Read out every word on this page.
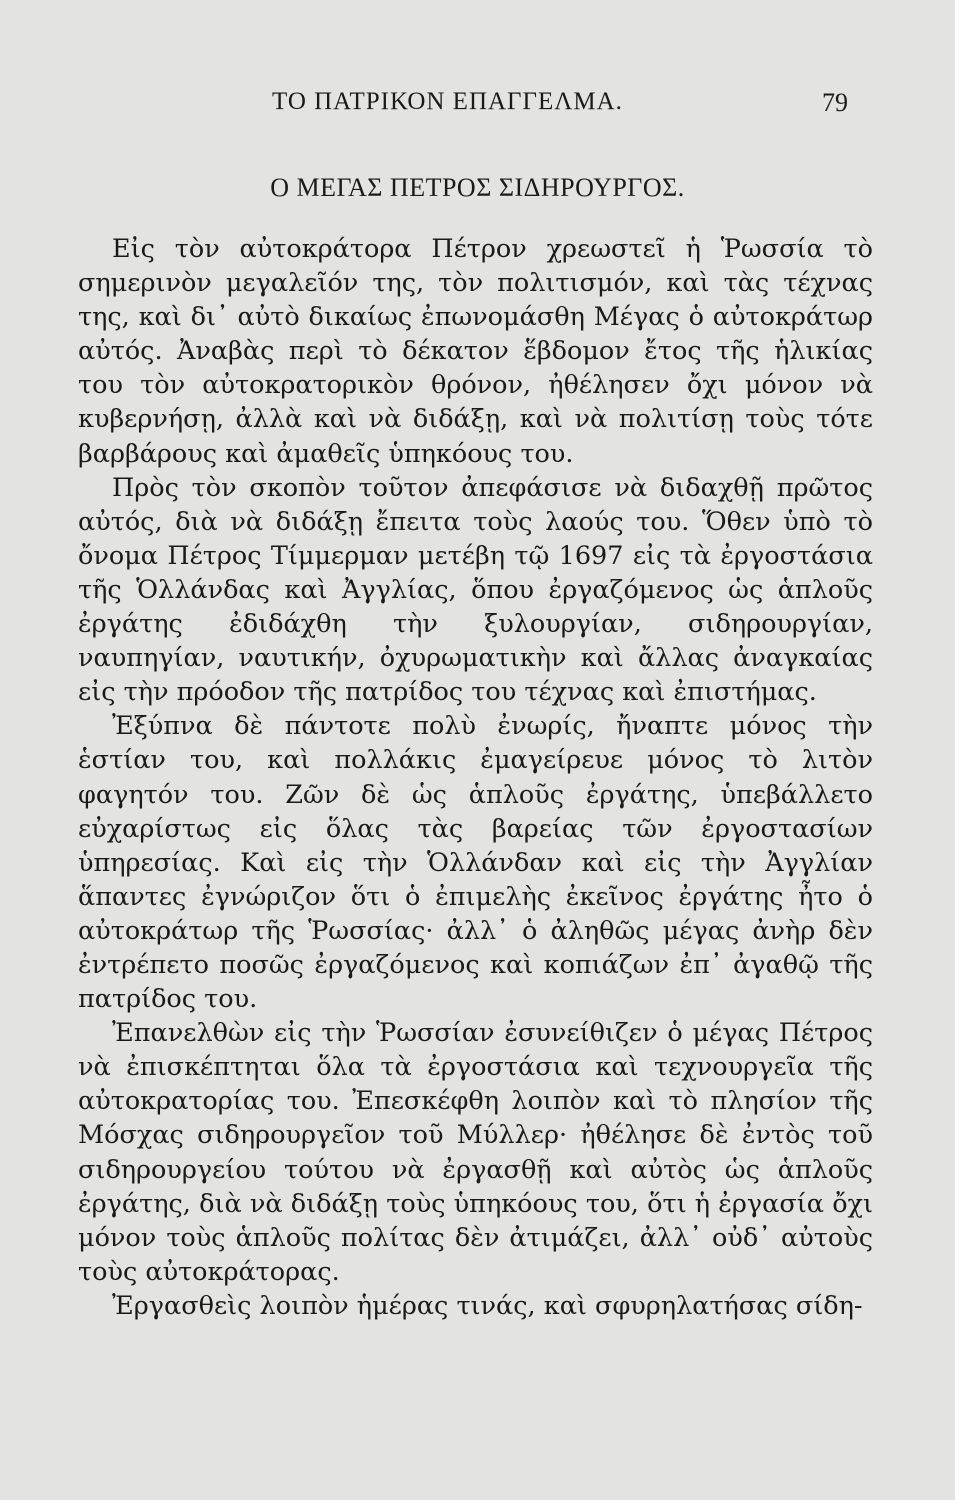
ΤΟ ΠΑΤΡΙΚΟΝ ΕΠΑΓΓΕΛΜΑ.	79
Ο ΜΕΓΑΣ ΠΕΤΡΟΣ ΣΙΔΗΡΟΥΡΓΟΣ.

Εἰς τὸν αὐτοκράτορα Πέτρον χρεωστεῖ ἡ Ῥωσσία τὸ σημερινὸν μεγαλεῖόν της, τὸν πολιτισμόν, καὶ τὰς τέχνας της, καὶ δι᾽ αὐτὸ δικαίως ἐπωνομάσθη Μέγας ὁ αὐτοκράτωρ αὐτός. Ἀναβὰς περὶ τὸ δέκατον ἕβδομον ἔτος τῆς ἡλικίας του τὸν αὐτοκρατορικὸν θρόνον, ἠθέλησεν ὄχι μόνον νὰ κυβερνήσῃ, ἀλλὰ καὶ νὰ διδάξῃ, καὶ νὰ πολιτίσῃ τοὺς τότε βαρβάρους καὶ ἀμαθεῖς ὑπηκόους του.

Πρὸς τὸν σκοπὸν τοῦτον ἀπεφάσισε νὰ διδαχθῇ πρῶτος αὐτός, διὰ νὰ διδάξῃ ἔπειτα τοὺς λαούς του. Ὅθεν ὑπὸ τὸ ὄνομα Πέτρος Τίμμερμαν μετέβη τῷ 1697 εἰς τὰ ἐργοστάσια τῆς Ὁλλάνδας καὶ Ἀγγλίας, ὅπου ἐργαζόμενος ὡς ἁπλοῦς ἐργάτης ἐδιδάχθη τὴν ξυλουργίαν, σιδηρουργίαν, ναυπηγίαν, ναυτικήν, ὀχυρωματικὴν καὶ ἄλλας ἀναγκαίας εἰς τὴν πρόοδον τῆς πατρίδος του τέχνας καὶ ἐπιστήμας.

Ἐξύπνα δὲ πάντοτε πολὺ ἐνωρίς, ἤναπτε μόνος τὴν ἑστίαν του, καὶ πολλάκις ἐμαγείρευε μόνος τὸ λιτὸν φαγητόν του. Ζῶν δὲ ὡς ἁπλοῦς ἐργάτης, ὑπεβάλλετο εὐχαρίστως εἰς ὅλας τὰς βαρείας τῶν ἐργοστασίων ὑπηρεσίας. Καὶ εἰς τὴν Ὁλλάνδαν καὶ εἰς τὴν Ἀγγλίαν ἅπαντες ἐγνώριζον ὅτι ὁ ἐπιμελὴς ἐκεῖνος ἐργάτης ἦτο ὁ αὐτοκράτωρ τῆς Ῥωσσίας· ἀλλ᾽ ὁ ἀληθῶς μέγας ἀνὴρ δὲν ἐντρέπετο ποσῶς ἐργαζόμενος καὶ κοπιάζων ἐπ᾽ ἀγαθῷ τῆς πατρίδος του.

Ἐπανελθὼν εἰς τὴν Ῥωσσίαν ἐσυνείθιζεν ὁ μέγας Πέτρος νὰ ἐπισκέπτηται ὅλα τὰ ἐργοστάσια καὶ τεχνουργεῖα τῆς αὐτοκρατορίας του. Ἐπεσκέφθη λοιπὸν καὶ τὸ πλησίον τῆς Μόσχας σιδηρουργεῖον τοῦ Μύλλερ· ἠθέλησε δὲ ἐντὸς τοῦ σιδηρουργείου τούτου νὰ ἐργασθῇ καὶ αὐτὸς ὡς ἁπλοῦς ἐργάτης, διὰ νὰ διδάξῃ τοὺς ὑπηκόους του, ὅτι ἡ ἐργασία ὄχι μόνον τοὺς ἁπλοῦς πολίτας δὲν ἀτιμάζει, ἀλλ᾽ οὐδ᾽ αὐτοὺς τοὺς αὐτοκράτορας.

Ἐργασθεὶς λοιπὸν ἡμέρας τινάς, καὶ σφυρηλατήσας σίδη-
